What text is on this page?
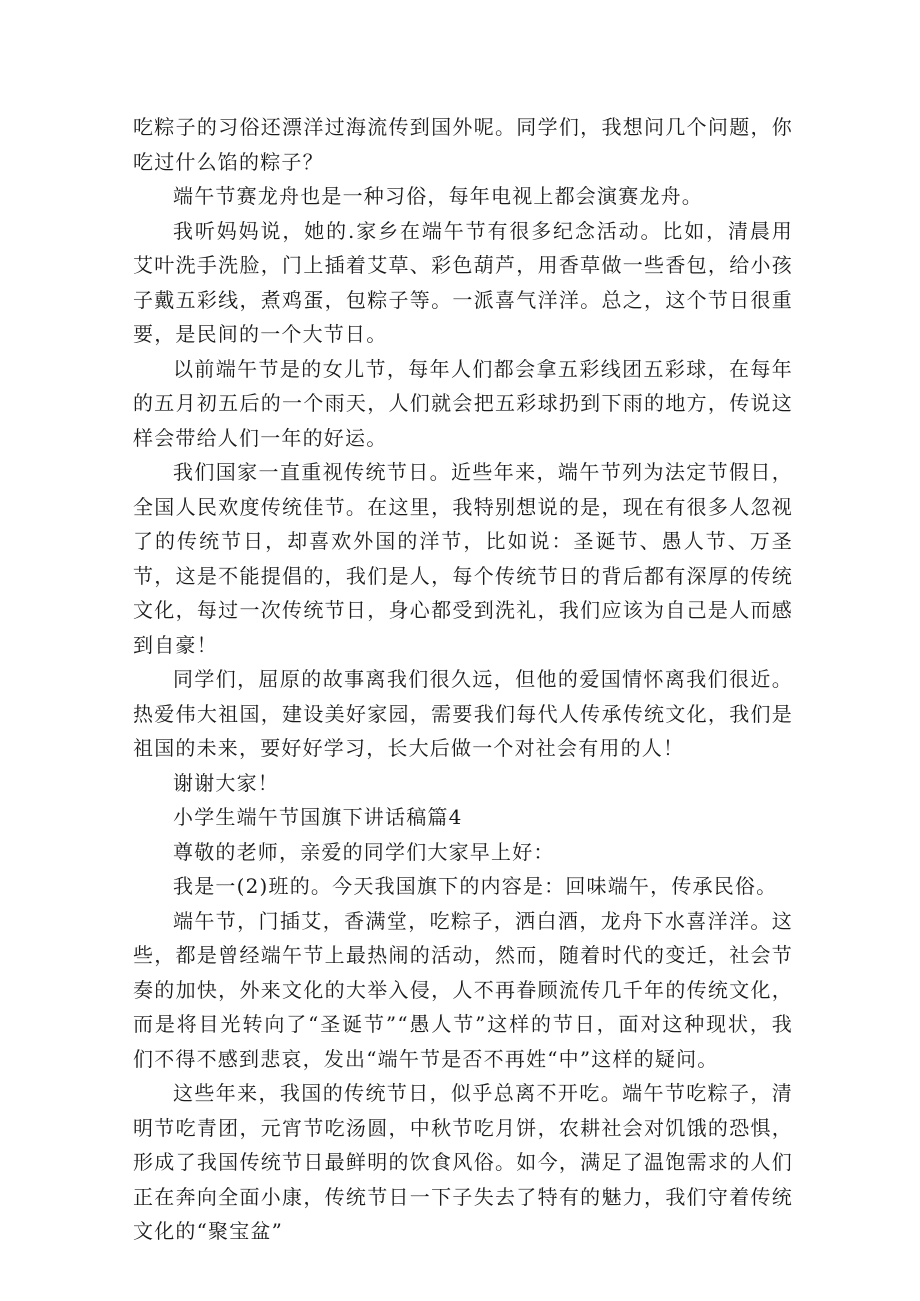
吃粽子的习俗还漂洋过海流传到国外呢。同学们，我想问几个问题，你吃过什么馅的粽子？

端午节赛龙舟也是一种习俗，每年电视上都会演赛龙舟。

我听妈妈说，她的.家乡在端午节有很多纪念活动。比如，清晨用艾叶洗手洗脸，门上插着艾草、彩色葫芦，用香草做一些香包，给小孩子戴五彩线，煮鸡蛋，包粽子等。一派喜气洋洋。总之，这个节日很重要，是民间的一个大节日。

以前端午节是的女儿节，每年人们都会拿五彩线团五彩球，在每年的五月初五后的一个雨天，人们就会把五彩球扔到下雨的地方，传说这样会带给人们一年的好运。

我们国家一直重视传统节日。近些年来，端午节列为法定节假日，全国人民欢度传统佳节。在这里，我特别想说的是，现在有很多人忽视了的传统节日，却喜欢外国的洋节，比如说：圣诞节、愚人节、万圣节，这是不能提倡的，我们是人，每个传统节日的背后都有深厚的传统文化，每过一次传统节日，身心都受到洗礼，我们应该为自己是人而感到自豪！

同学们，屈原的故事离我们很久远，但他的爱国情怀离我们很近。热爱伟大祖国，建设美好家园，需要我们每代人传承传统文化，我们是祖国的未来，要好好学习，长大后做一个对社会有用的人！

谢谢大家！

小学生端午节国旗下讲话稿篇4

尊敬的老师，亲爱的同学们大家早上好：

我是一(2)班的。今天我国旗下的内容是：回味端午，传承民俗。

端午节，门插艾，香满堂，吃粽子，洒白酒，龙舟下水喜洋洋。这些，都是曾经端午节上最热闹的活动，然而，随着时代的变迁，社会节奏的加快，外来文化的大举入侵，人不再眷顾流传几千年的传统文化，而是将目光转向了“圣诞节”“愚人节”这样的节日，面对这种现状，我们不得不感到悲哀，发出“端午节是否不再姓“中”这样的疑问。

这些年来，我国的传统节日，似乎总离不开吃。端午节吃粽子，清明节吃青团，元宵节吃汤圆，中秋节吃月饼，农耕社会对饥饿的恐惧，形成了我国传统节日最鲜明的饮食风俗。如今，满足了温饱需求的人们正在奔向全面小康，传统节日一下子失去了特有的魅力，我们守着传统文化的“聚宝盆”
